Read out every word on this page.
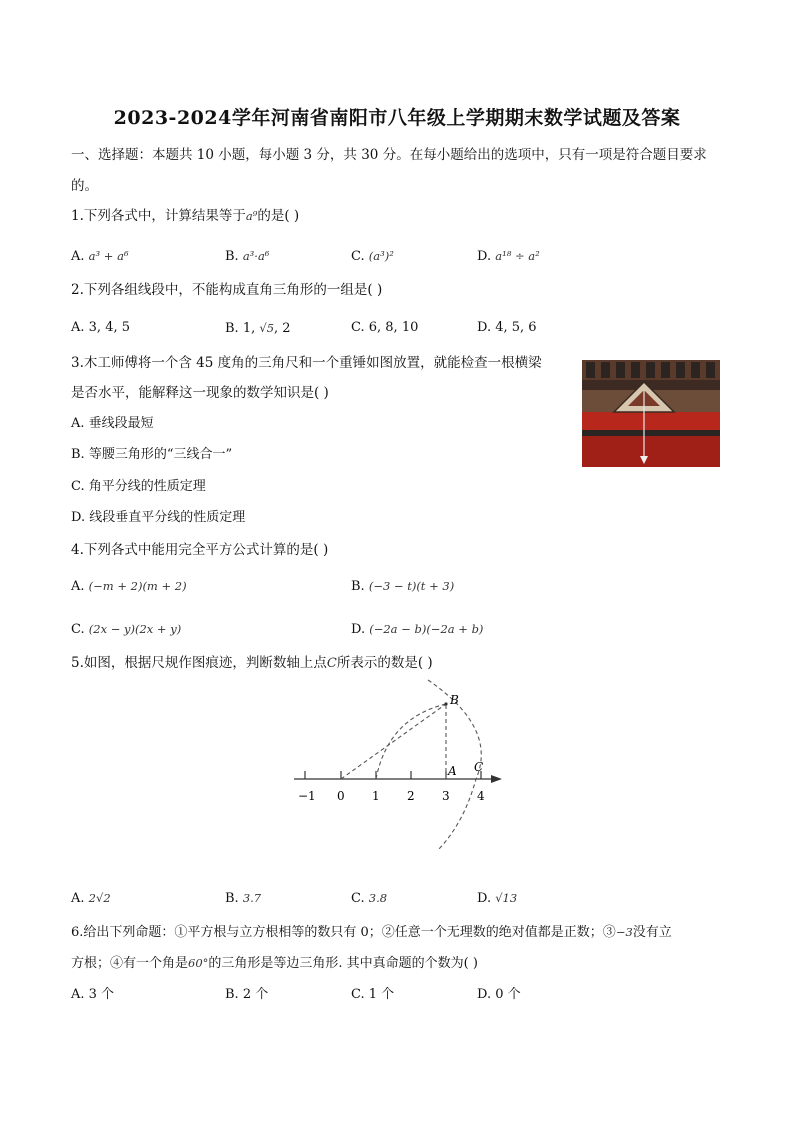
2023-2024学年河南省南阳市八年级上学期期末数学试题及答案
一、选择题：本题共 10 小题，每小题 3 分，共 30 分。在每小题给出的选项中，只有一项是符合题目要求
的。
1.下列各式中，计算结果等于a⁹的是( )
A. a³ + a⁶	B. a³·a⁶	C. (a³)²	D. a¹⁸ ÷ a²
2.下列各组线段中，不能构成直角三角形的一组是( )
A. 3, 4, 5	B. 1, √5, 2	C. 6, 8, 10	D. 4, 5, 6
3.木工师傅将一个含 45 度角的三角尺和一个重锤如图放置，就能检查一根横梁
是否水平，能解释这一现象的数学知识是( )
A. 垂线段最短
B. 等腰三角形的“三线合一”
C. 角平分线的性质定理
D. 线段垂直平分线的性质定理
4.下列各式中能用完全平方公式计算的是( )
A. (−m + 2)(m + 2)	B. (−3 − t)(t + 3)
C. (2x − y)(2x + y)	D. (−2a − b)(−2a + b)
5.如图，根据尺规作图痕迹，判断数轴上点C所表示的数是( )
−1 0 1 2 3 4
B
A C
A. 2√2	B. 3.7	C. 3.8	D. √13
6.给出下列命题：①平方根与立方根相等的数只有 0；②任意一个无理数的绝对值都是正数；③−3没有立
方根；④有一个角是60°的三角形是等边三角形. 其中真命题的个数为( )
A. 3 个	B. 2 个	C. 1 个	D. 0 个
